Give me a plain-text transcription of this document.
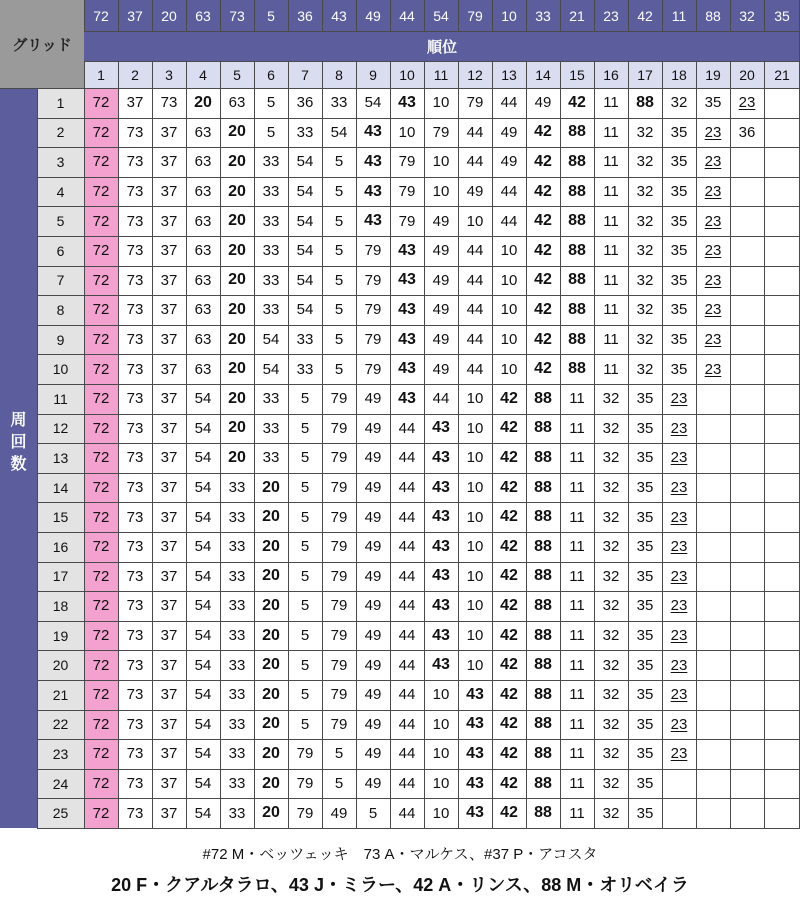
グリッド
72	37	20	63	73	5	36	43	49	44	54	79	10	33	21	23	42	11	88	32	35
順位
1	2	3	4	5	6	7	8	9	10	11	12	13	14	15	16	17	18	19	20	21
周
回
数
1	72	37	73	20	63	5	36	33	54	43	10	79	44	49	42	11	88	32	35	23
2	72	73	37	63	20	5	33	54	43	10	79	44	49	42	88	11	32	35	23	36
3	72	73	37	63	20	33	54	5	43	79	10	44	49	42	88	11	32	35	23
4	72	73	37	63	20	33	54	5	43	79	10	49	44	42	88	11	32	35	23
5	72	73	37	63	20	33	54	5	43	79	49	10	44	42	88	11	32	35	23
6	72	73	37	63	20	33	54	5	79	43	49	44	10	42	88	11	32	35	23
7	72	73	37	63	20	33	54	5	79	43	49	44	10	42	88	11	32	35	23
8	72	73	37	63	20	33	54	5	79	43	49	44	10	42	88	11	32	35	23
9	72	73	37	63	20	54	33	5	79	43	49	44	10	42	88	11	32	35	23
10	72	73	37	63	20	54	33	5	79	43	49	44	10	42	88	11	32	35	23
11	72	73	37	54	20	33	5	79	49	43	44	10	42	88	11	32	35	23
12	72	73	37	54	20	33	5	79	49	44	43	10	42	88	11	32	35	23
13	72	73	37	54	20	33	5	79	49	44	43	10	42	88	11	32	35	23
14	72	73	37	54	33	20	5	79	49	44	43	10	42	88	11	32	35	23
15	72	73	37	54	33	20	5	79	49	44	43	10	42	88	11	32	35	23
16	72	73	37	54	33	20	5	79	49	44	43	10	42	88	11	32	35	23
17	72	73	37	54	33	20	5	79	49	44	43	10	42	88	11	32	35	23
18	72	73	37	54	33	20	5	79	49	44	43	10	42	88	11	32	35	23
19	72	73	37	54	33	20	5	79	49	44	43	10	42	88	11	32	35	23
20	72	73	37	54	33	20	5	79	49	44	43	10	42	88	11	32	35	23
21	72	73	37	54	33	20	5	79	49	44	10	43	42	88	11	32	35	23
22	72	73	37	54	33	20	5	79	49	44	10	43	42	88	11	32	35	23
23	72	73	37	54	33	20	79	5	49	44	10	43	42	88	11	32	35	23
24	72	73	37	54	33	20	79	5	49	44	10	43	42	88	11	32	35
25	72	73	37	54	33	20	79	49	5	44	10	43	42	88	11	32	35
#72 M・ベッツェッキ　73 A・マルケス、#37 P・アコスタ
20 F・クアルタラロ、43 J・ミラー、42 A・リンス、88 M・オリベイラ
